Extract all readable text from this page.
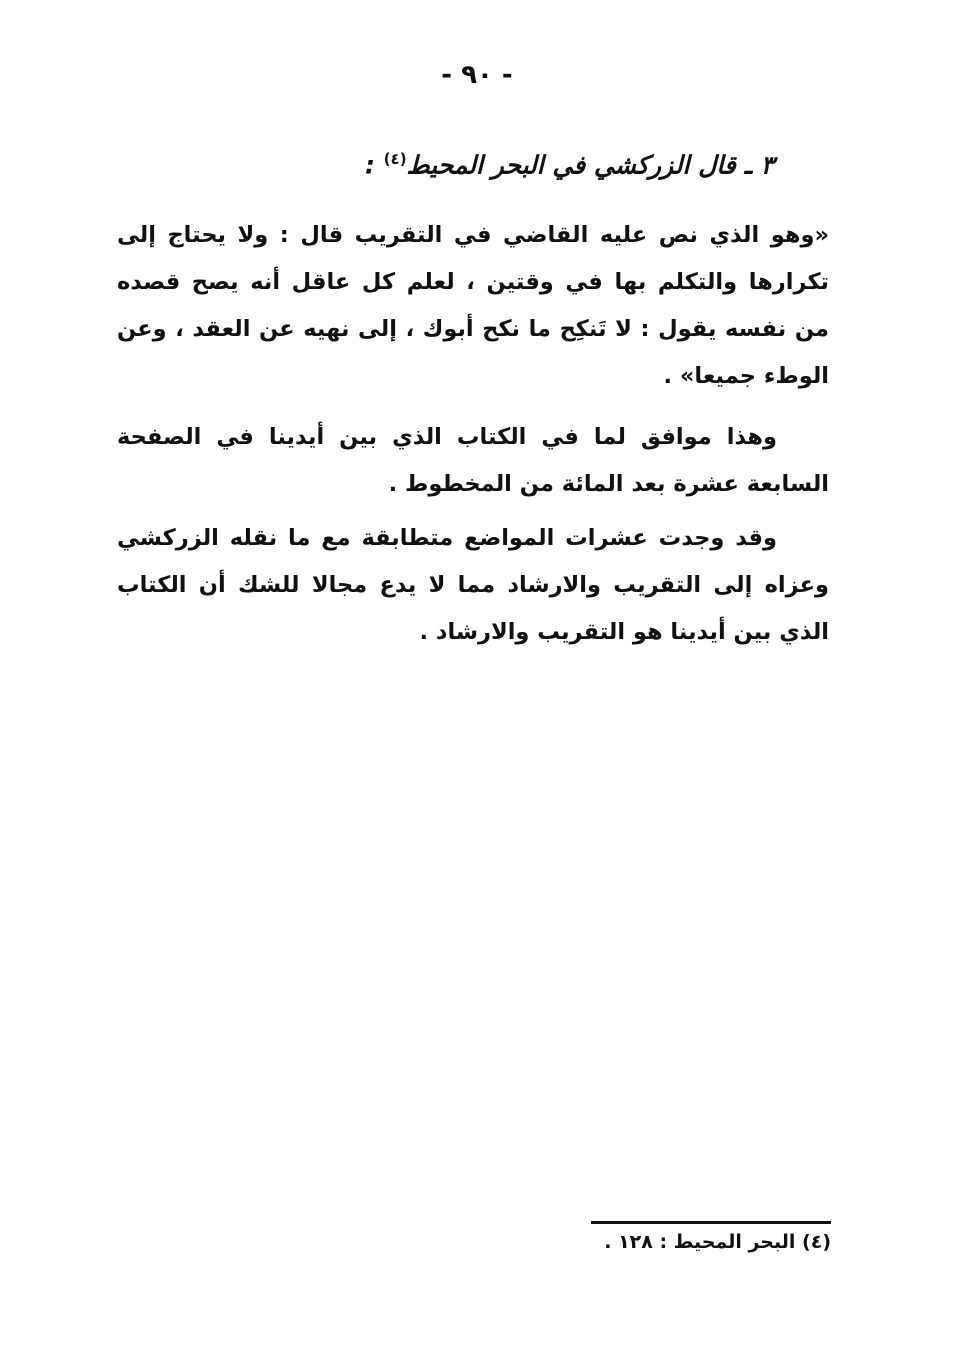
- ٩٠ -
٣ ـ قال الزركشي في البحر المحيط$^{(٤)}$ :
«وهو الذي نص عليه القاضي في التقريب قال : ولا يحتاج إلى تكرارها والتكلم بها في وقتين ، لعلم كل عاقل أنه يصح قصده من نفسه يقول : لا تَنكِح ما نكح أبوك ، إلى نهيه عن العقد ، وعن الوطء جميعا» .
وهذا موافق لما في الكتاب الذي بين أيدينا في الصفحة السابعة عشرة بعد المائة من المخطوط .
وقد وجدت عشرات المواضع متطابقة مع ما نقله الزركشي وعزاه إلى التقريب والارشاد مما لا يدع مجالا للشك أن الكتاب الذي بين أيدينا هو التقريب والارشاد .
(٤) البحر المحيط : ١٢٨ .
